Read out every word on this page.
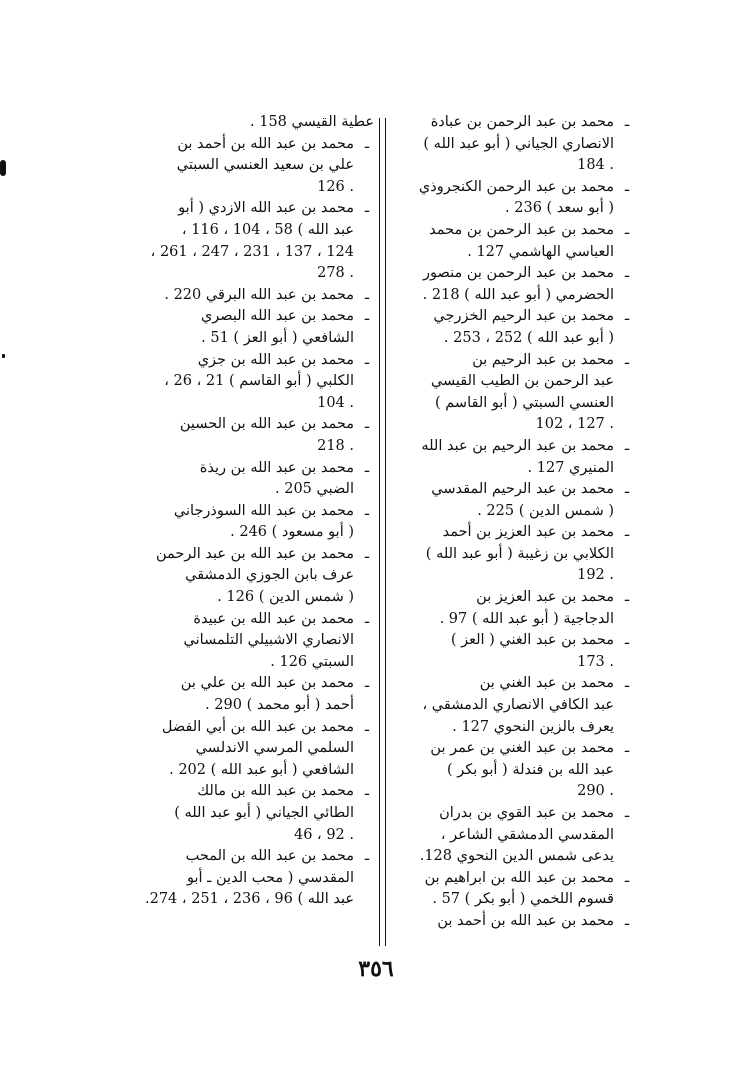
ـ
محمد بن عبد الرحمن بن عبادة
الانصاري الجياني ( أبو عبد الله )
. 184
ـ
محمد بن عبد الرحمن الكنجروذي
( أبو سعد ) 236 .
ـ
محمد بن عبد الرحمن بن محمد
العباسي الهاشمي 127 .
ـ
محمد بن عبد الرحمن بن منصور
الحضرمي ( أبو عبد الله ) 218 .
ـ
محمد بن عبد الرحيم الخزرجي
( أبو عبد الله ) 252 ، 253 .
ـ
محمد بن عبد الرحيم بن
عبد الرحمن بن الطيب القيسي
العنسي السبتي ( أبو القاسم )
. 127 ، 102
ـ
محمد بن عبد الرحيم بن عبد الله
المنيري 127 .
ـ
محمد بن عبد الرحيم المقدسي
( شمس الدين ) 225 .
ـ
محمد بن عبد العزيز بن أحمد
الكلابي بن زغيبة ( أبو عبد الله )
. 192
ـ
محمد بن عبد العزيز بن
الدجاجية ( أبو عبد الله ) 97 .
ـ
محمد بن عبد الغني ( العز )
. 173
ـ
محمد بن عبد الغني بن
عبد الكافي الانصاري الدمشقي ،
يعرف بالزين النحوي 127 .
ـ
محمد بن عبد الغني بن عمر بن
عبد الله بن فندلة ( أبو بكر )
. 290
ـ
محمد بن عبد القوي بن بدران
المقدسي الدمشقي الشاعر ،
يدعى شمس الدين النحوي 128.
ـ
محمد بن عبد الله بن ابراهيم بن
قسوم اللخمي ( أبو بكر ) 57 .
ـ
محمد بن عبد الله بن أحمد بن
عطية القيسي 158 .
ـ
محمد بن عبد الله بن أحمد بن
علي بن سعيد العنسي السبتي
. 126
ـ
محمد بن عبد الله الازدي ( أبو
عبد الله ) 58 ، 104 ، 116 ،
124 ، 137 ، 231 ، 247 ، 261 ،
. 278
ـ
محمد بن عبد الله البرقي 220 .
ـ
محمد بن عبد الله البصري
الشافعي ( أبو العز ) 51 .
ـ
محمد بن عبد الله بن جزي
الكلبي ( أبو القاسم ) 21 ، 26 ،
. 104
ـ
محمد بن عبد الله بن الحسين
. 218
ـ
محمد بن عبد الله بن ريذة
الضبي 205 .
ـ
محمد بن عبد الله السوذرجاني
( أبو مسعود ) 246 .
ـ
محمد بن عبد الله بن عبد الرحمن
عرف بابن الجوزي الدمشقي
( شمس الدين ) 126 .
ـ
محمد بن عبد الله بن عبيدة
الانصاري الاشبيلي التلمساني
السبتي 126 .
ـ
محمد بن عبد الله بن علي بن
أحمد ( أبو محمد ) 290 .
ـ
محمد بن عبد الله بن أبي الفضل
السلمي المرسي الاندلسي
الشافعي ( أبو عبد الله ) 202 .
ـ
محمد بن عبد الله بن مالك
الطائي الجياني ( أبو عبد الله )
. 92 ، 46
ـ
محمد بن عبد الله بن المحب
المقدسي ( محب الدين ـ أبو
عبد الله ) 96 ، 236 ، 251 ، 274.
٣٥٦
